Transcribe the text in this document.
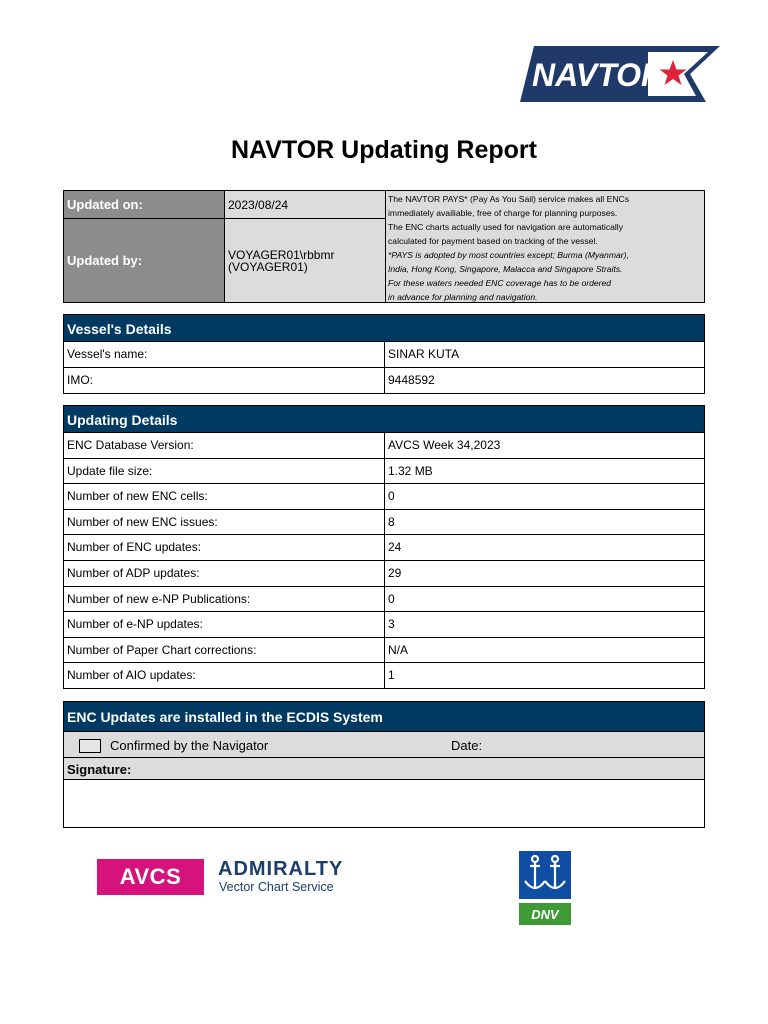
NAVTOR
NAVTOR Updating Report
Updated on:	2023/08/24
Updated by:	VOYAGER01\rbbmr
(VOYAGER01)
The NAVTOR PAYS* (Pay As You Sail) service makes all ENCs
immediately availiable, free of charge for planning purposes.
The ENC charts actually used for navigation are automatically
calculated for payment based on tracking of the vessel.
*PAYS is adopted by most countries except; Burma (Myanmar),
India, Hong Kong, Singapore, Malacca and Singapore Straits.
For these waters needed ENC coverage has to be ordered
in advance for planning and navigation.
Vessel's Details
Vessel's name:	SINAR KUTA
IMO:	9448592
Updating Details
ENC Database Version:	AVCS Week 34,2023
Update file size:	1.32 MB
Number of new ENC cells:	0
Number of new ENC issues:	8
Number of ENC updates:	24
Number of ADP updates:	29
Number of new e-NP Publications:	0
Number of e-NP updates:	3
Number of Paper Chart corrections:	N/A
Number of AIO updates:	1
ENC Updates are installed in the ECDIS System
Confirmed by the Navigator	Date:
Signature:
AVCS	ADMIRALTY
Vector Chart Service
DNV
